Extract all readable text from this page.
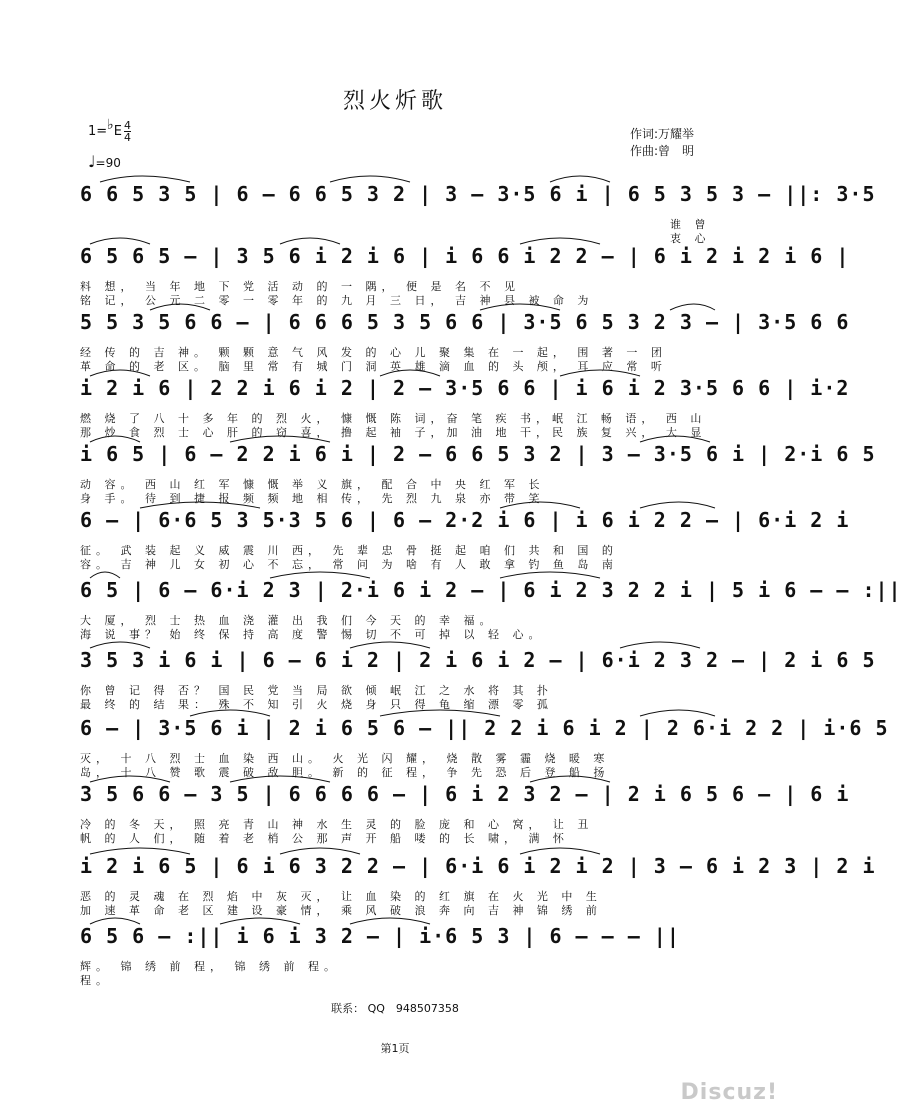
烈火炘歌
1=♭E $\frac{4}{4}$
♩=90
作词:万耀举
作曲:曾　明
6 6 5 3 5 | 6 – 6 6 5 3 2 | 3 – 3·5 6 i | 6 5 3 5 3 – ||: 3·5
谁 曾
衷 心
6 5 6 5 – | 3 5 6 i 2 i 6 | i 6 6 i 2 2 – | 6 i 2 i 2 i 6 |
料 想， 当 年 地 下 党 活 动 的 一 隅， 便 是 名 不 见
铭 记， 公 元 二 零 一 零 年 的 九 月 三 日， 吉 神 县 被 命 为
5 5 3 5 6 6 – | 6 6 6 5 3 5 6 6 | 3·5 6 5 3 2 3 – | 3·5 6 6
经 传 的 吉 神。 颗 颗 意 气 风 发 的 心 儿 聚 集 在 一 起， 围 著 一 团
革 命 的 老 区。 脑 里 常 有 城 门 洞 英 雄 滴 血 的 头 颅， 耳 应 常 听
i 2 i 6 | 2 2 i 6 i 2 | 2 – 3·5 6 6 | i 6 i 2 3·5 6 6 | i·2
燃 烧 了 八 十 多 年 的 烈 火， 慷 慨 陈 词，奋 笔 疾 书，岷 江 畅 语， 西 山
那 炒 食 烈 士 心 肝 的 窃 喜， 撸 起 袖 子，加 油 地 干，民 族 复 兴， 大 显
i 6 5 | 6 – 2 2 i 6 i | 2 – 6 6 5 3 2 | 3 – 3·5 6 i | 2·i 6 5
动 容。 西 山 红 军 慷 慨 举 义 旗， 配 合 中 央 红 军 长
身 手。 待 到 捷 报 频 频 地 相 传， 先 烈 九 泉 亦 带 笑
6 – | 6·6 5 3 5·3 5 6 | 6 – 2·2 i 6 | i 6 i 2 2 – | 6·i 2 i
征。 武 装 起 义 威 震 川 西， 先 辈 忠 骨 挺 起 咱 们 共 和 国 的
容。 吉 神 儿 女 初 心 不 忘， 常 问 为 啥 有 人 敢 拿 钓 鱼 岛 南
6 5 | 6 – 6·i 2 3 | 2·i 6 i 2 – | 6 i 2 3 2 2 i | 5 i 6 – – :||
大 厦， 烈 士 热 血 浇 灌 出 我 们 今 天 的 幸 福。
海 说 事？ 始 终 保 持 高 度 警 惕 切 不 可 掉 以 轻 心。
3 5 3 i 6 i | 6 – 6 i 2 | 2 i 6 i 2 – | 6·i 2 3 2 – | 2 i 6 5
你 曾 记 得 否？ 国 民 党 当 局 欲 倾 岷 江 之 水 将 其 扑
最 终 的 结 果： 殊 不 知 引 火 烧 身 只 得 龟 缩 漂 零 孤
6 – | 3·5 6 i | 2 i 6 5 6 – || 2 2 i 6 i 2 | 2 6·i 2 2 | i·6 5
灭， 十 八 烈 士 血 染 西 山。 火 光 闪 耀， 烧 散 雾 霾 烧 暖 寒
岛， 十 八 赞 歌 震 破 敌 胆。 新 的 征 程， 争 先 恐 后 登 船 扬
3 5 6 6 – 3 5 | 6 6 6 6 – | 6 i 2 3 2 – | 2 i 6 5 6 – | 6 i
冷 的 冬 天， 照 亮 青 山 神 水 生 灵 的 脸 庞 和 心 窝， 让 丑
帆 的 人 们， 随 着 老 梢 公 那 声 开 船 喽 的 长 啸， 满 怀
i 2 i 6 5 | 6 i 6 3 2 2 – | 6·i 6 i 2 i 2 | 3 – 6 i 2 3 | 2 i
恶 的 灵 魂 在 烈 焰 中 灰 灭， 让 血 染 的 红 旗 在 火 光 中 生
加 速 革 命 老 区 建 设 豪 情， 乘 风 破 浪 奔 向 吉 神 锦 绣 前
6 5 6 – :|| i 6 i 3 2 – | i·6 5 3 | 6 – – – ||
辉。 锦 绣 前 程， 锦 绣 前 程。
程。
联系： QQ　948507358
第1页
Discuz!
